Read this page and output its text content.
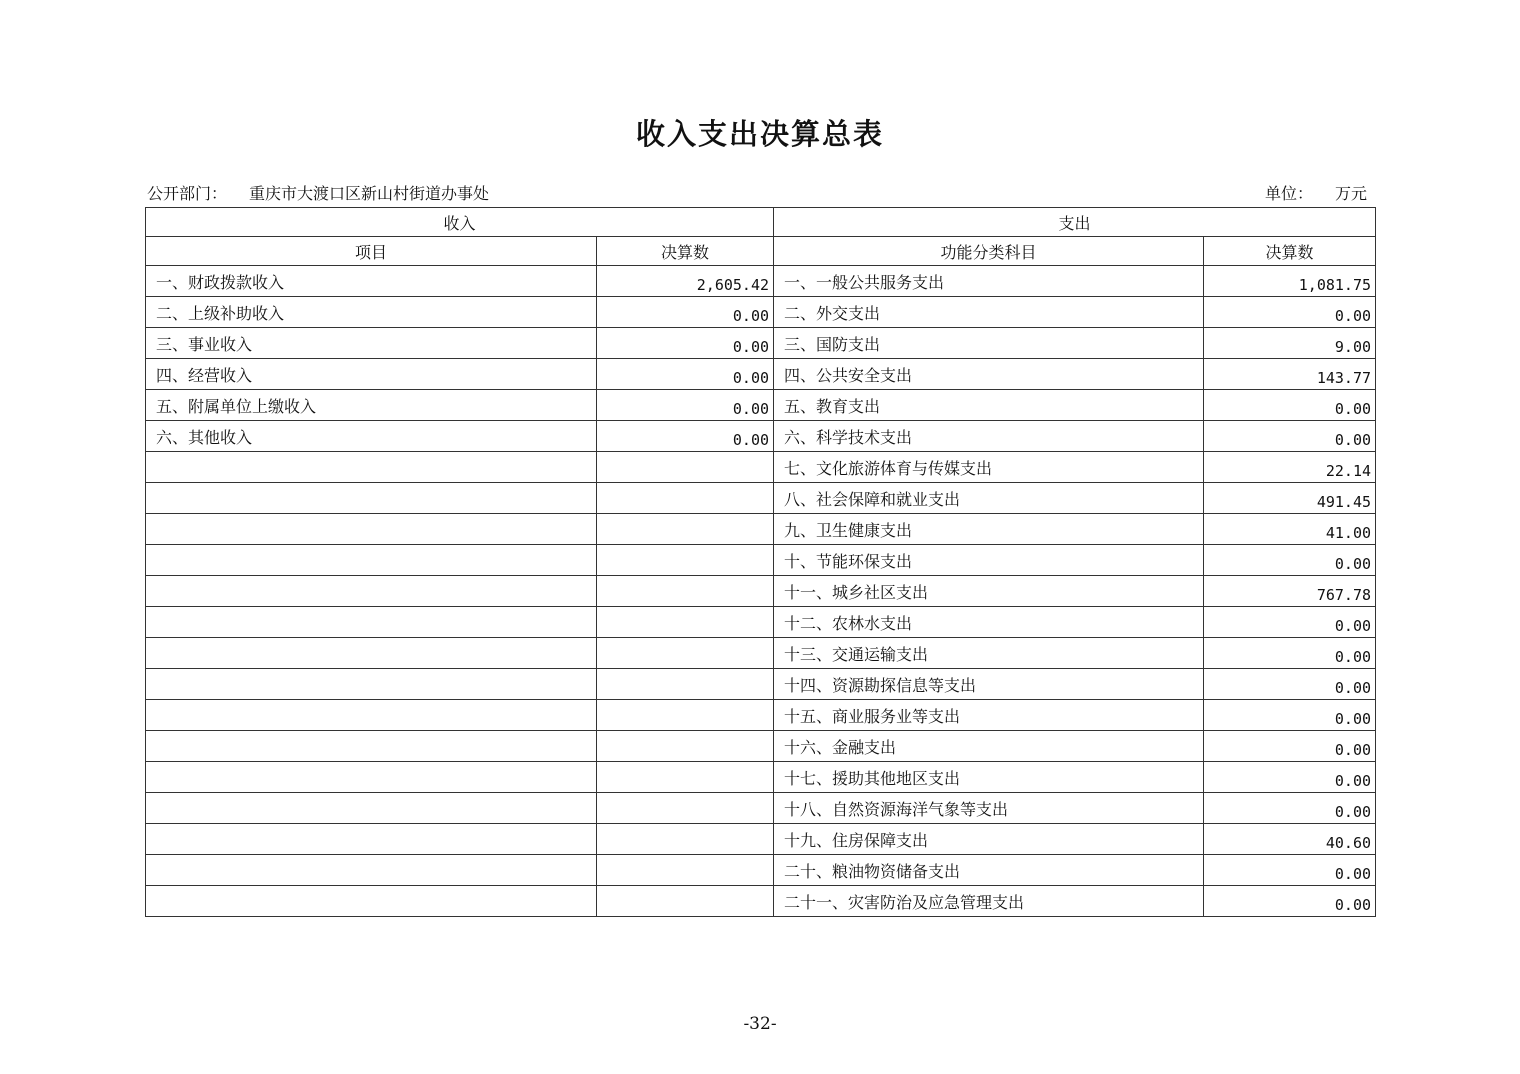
收入支出决算总表
公开部门： 重庆市大渡口区新山村街道办事处	单位： 万元
收入		支出	
项目	决算数	功能分类科目	决算数
一、财政拨款收入	2,605.42	一、一般公共服务支出	1,081.75
二、上级补助收入	0.00	二、外交支出	0.00
三、事业收入	0.00	三、国防支出	9.00
四、经营收入	0.00	四、公共安全支出	143.77
五、附属单位上缴收入	0.00	五、教育支出	0.00
六、其他收入	0.00	六、科学技术支出	0.00
		七、文化旅游体育与传媒支出	22.14
		八、社会保障和就业支出	491.45
		九、卫生健康支出	41.00
		十、节能环保支出	0.00
		十一、城乡社区支出	767.78
		十二、农林水支出	0.00
		十三、交通运输支出	0.00
		十四、资源勘探信息等支出	0.00
		十五、商业服务业等支出	0.00
		十六、金融支出	0.00
		十七、援助其他地区支出	0.00
		十八、自然资源海洋气象等支出	0.00
		十九、住房保障支出	40.60
		二十、粮油物资储备支出	0.00
		二十一、灾害防治及应急管理支出	0.00
-32-
